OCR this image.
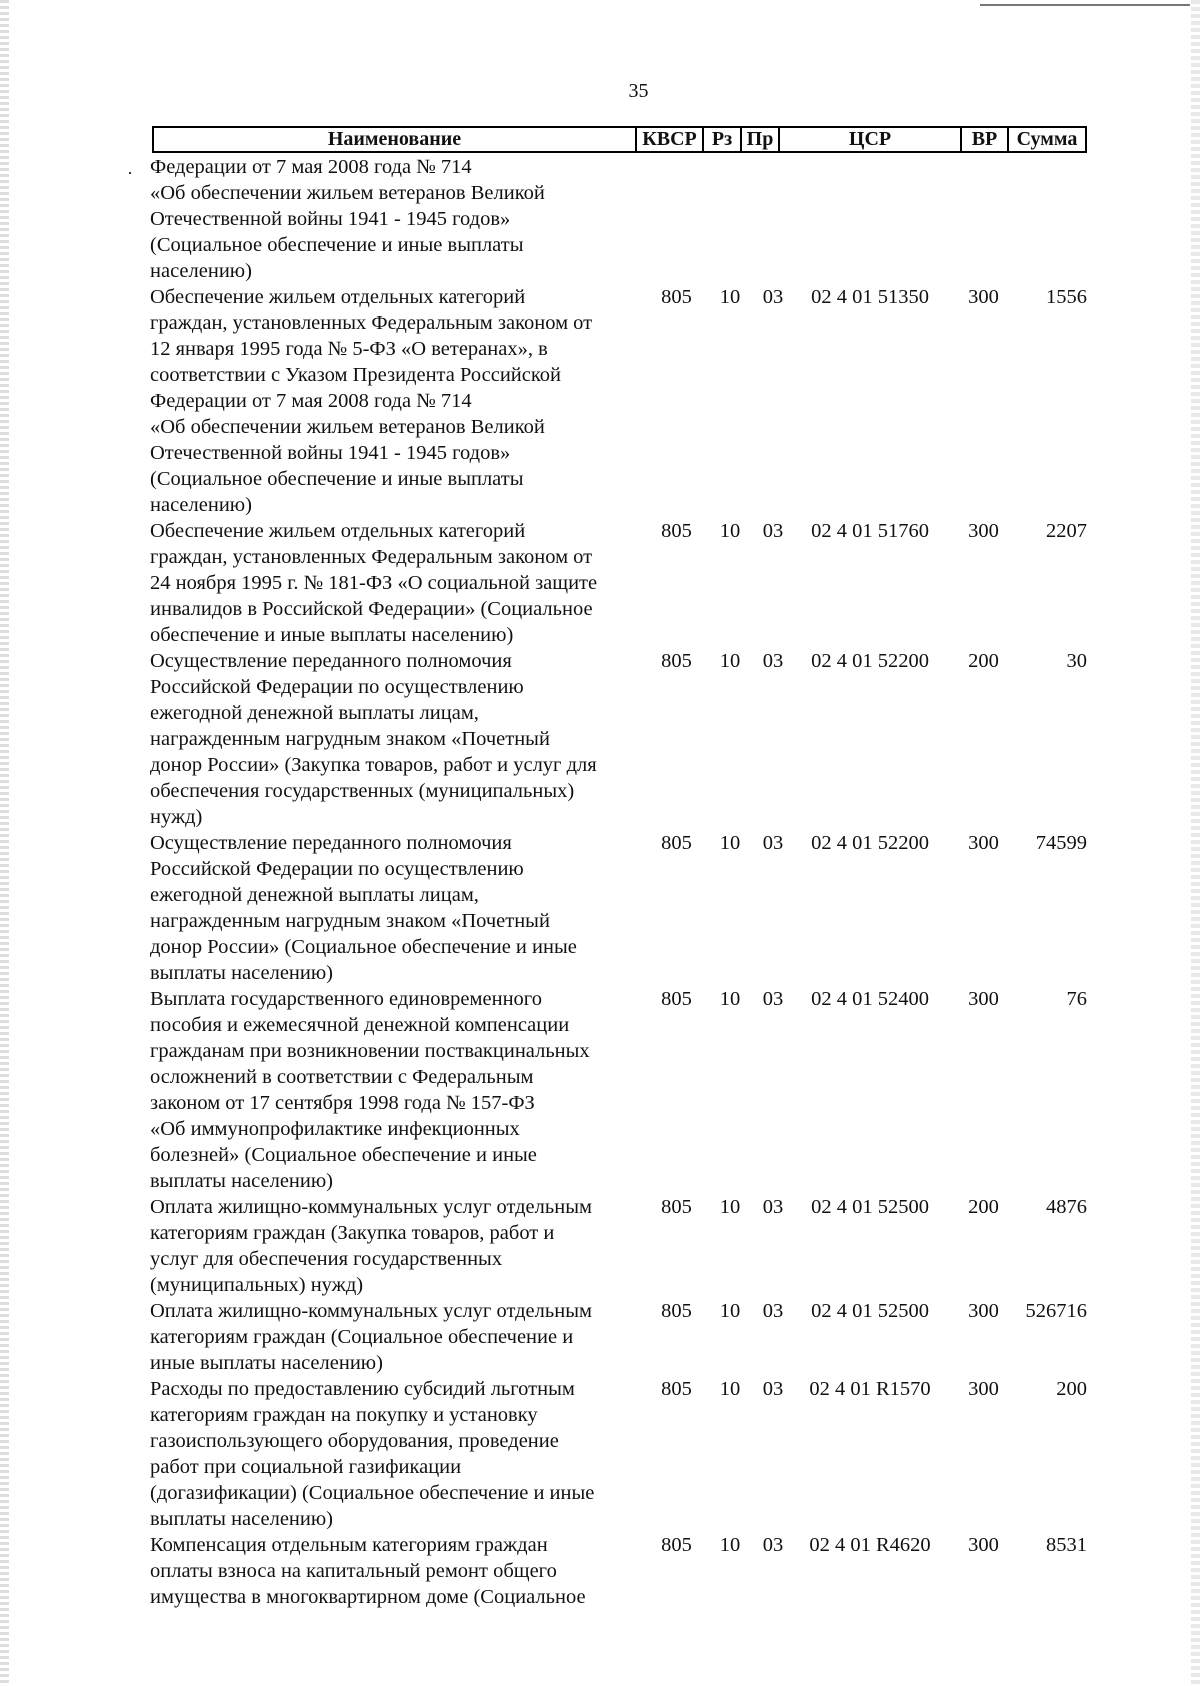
35
·
Наименование	КВСР Рз Пр	ЦСР	ВР Сумма
Федерации от 7 мая 2008 года № 714
«Об обеспечении жильем ветеранов Великой
Отечественной войны 1941 - 1945 годов»
(Социальное обеспечение и иные выплаты
населению)
Обеспечение жильем отдельных категорий	805	10 03	02 4 01 51350	300	1556
граждан, установленных Федеральным законом от
12 января 1995 года № 5-ФЗ «О ветеранах», в
соответствии с Указом Президента Российской
Федерации от 7 мая 2008 года № 714
«Об обеспечении жильем ветеранов Великой
Отечественной войны 1941 - 1945 годов»
(Социальное обеспечение и иные выплаты
населению)
Обеспечение жильем отдельных категорий	805	10 03	02 4 01 51760	300	2207
граждан, установленных Федеральным законом от
24 ноября 1995 г. № 181-ФЗ «О социальной защите
инвалидов в Российской Федерации» (Социальное
обеспечение и иные выплаты населению)
Осуществление переданного полномочия	805	10 03	02 4 01 52200	200	30
Российской Федерации по осуществлению
ежегодной денежной выплаты лицам,
награжденным нагрудным знаком «Почетный
донор России» (Закупка товаров, работ и услуг для
обеспечения государственных (муниципальных)
нужд)
Осуществление переданного полномочия	805	10 03	02 4 01 52200	300	74599
Российской Федерации по осуществлению
ежегодной денежной выплаты лицам,
награжденным нагрудным знаком «Почетный
донор России» (Социальное обеспечение и иные
выплаты населению)
Выплата государственного единовременного	805	10 03	02 4 01 52400	300	76
пособия и ежемесячной денежной компенсации
гражданам при возникновении поствакцинальных
осложнений в соответствии с Федеральным
законом от 17 сентября 1998 года № 157-ФЗ
«Об иммунопрофилактике инфекционных
болезней» (Социальное обеспечение и иные
выплаты населению)
Оплата жилищно-коммунальных услуг отдельным	805	10 03	02 4 01 52500	200	4876
категориям граждан (Закупка товаров, работ и
услуг для обеспечения государственных
(муниципальных) нужд)
Оплата жилищно-коммунальных услуг отдельным	805	10 03	02 4 01 52500	300	526716
категориям граждан (Социальное обеспечение и
иные выплаты населению)
Расходы по предоставлению субсидий льготным	805	10 03	02 4 01 R1570	300	200
категориям граждан на покупку и установку
газоиспользующего оборудования, проведение
работ при социальной газификации
(догазификации) (Социальное обеспечение и иные
выплаты населению)
Компенсация отдельным категориям граждан	805	10 03	02 4 01 R4620	300	8531
оплаты взноса на капитальный ремонт общего
имущества в многоквартирном доме (Социальное
